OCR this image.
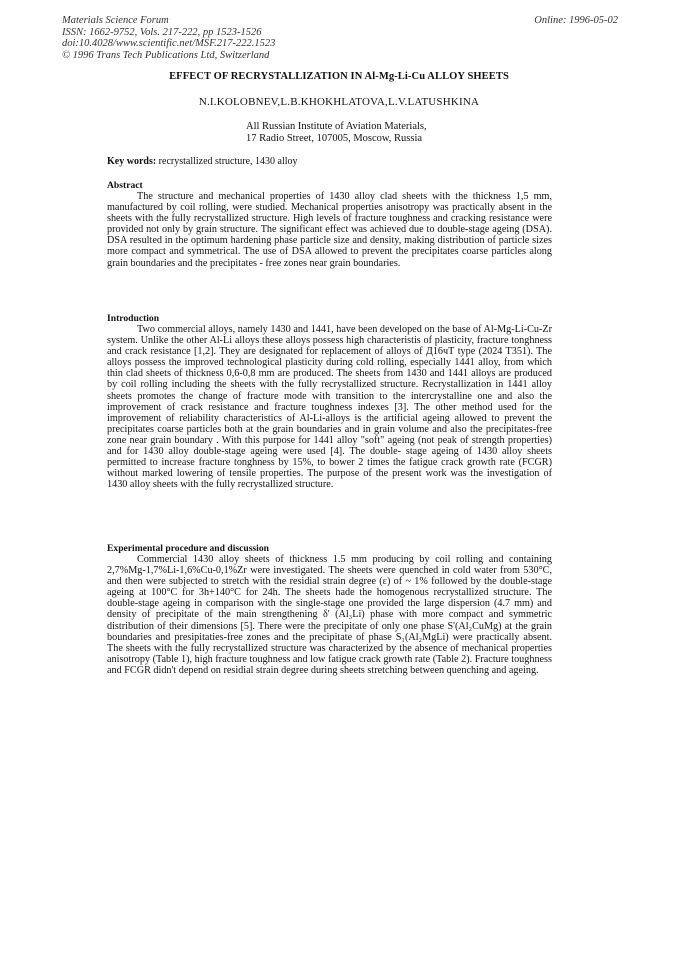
Materials Science Forum
ISSN: 1662-9752, Vols. 217-222, pp 1523-1526
doi:10.4028/www.scientific.net/MSF.217-222.1523
© 1996 Trans Tech Publications Ltd, Switzerland
Online: 1996-05-02
EFFECT OF RECRYSTALLIZATION IN Al-Mg-Li-Cu ALLOY SHEETS
N.I.KOLOBNEV,L.B.KHOKHLATOVA,L.V.LATUSHKINA
All Russian Institute of Aviation Materials,
17 Radio Street, 107005, Moscow, Russia
Key words: recrystallized structure, 1430 alloy
Abstract

The structure and mechanical properties of 1430 alloy clad sheets with the thickness 1,5 mm, manufactured by coil rolling, were studied. Mechanical properties anisotropy was practically absent in the sheets with the fully recrystallized structure. High levels of fracture toughness and cracking resistance were provided not only by grain structure. The significant effect was achieved due to double-stage ageing (DSA). DSA resulted in the optimum hardening phase particle size and density, making distribution of particle sizes more compact and symmetrical. The use of DSA allowed to prevent the precipitates coarse particles along grain boundaries and the precipitates - free zones near grain boundaries.

Introduction

Two commercial alloys, namely 1430 and 1441, have been developed on the base of Al-Mg-Li-Cu-Zr system. Unlike the other Al-Li alloys these alloys possess high characteristis of plasticity, fracture tonghness and crack resistance [1,2]. They are designated for replacement of alloys of Д16чТ type (2024 T351). The alloys possess the improved technological plasticity during cold rolling, especially 1441 alloy, from which thin clad sheets of thickness 0,6-0,8 mm are produced. The sheets from 1430 and 1441 alloys are produced by coil rolling including the sheets with the fully recrystallized structure. Recrystallization in 1441 alloy sheets promotes the change of fracture mode with transition to the intercrystalline one and also the improvement of crack resistance and fracture toughness indexes [3]. The other method used for the improvement of reliability characteristics of Al-Li-alloys is the artificial ageing allowed to prevent the precipitates coarse particles both at the grain boundaries and in grain volume and also the precipitates-free zone near grain boundary . With this purpose for 1441 alloy "soft" ageing (not peak of strength properties) and for 1430 alloy double-stage ageing were used [4]. The double- stage ageing of 1430 alloy sheets permitted to increase fracture tonghness by 15%, to bower 2 times the fatigue crack growth rate (FCGR) without marked lowering of tensile properties. The purpose of the present work was the investigation of 1430 alloy sheets with the fully recrystallized structure.

Experimental procedure and discussion

Commercial 1430 alloy sheets of thickness 1.5 mm producing by coil rolling and containing 2,7%Mg-1,7%Li-1,6%Cu-0,1%Zr were investigated. The sheets were quenched in cold water from 530°C, and then were subjected to stretch with the residial strain degree (ε) of ~ 1% followed by the double-stage ageing at 100°C for 3h+140°C for 24h. The sheets hade the homogenous recrystallized structure. The double-stage ageing in comparison with the single-stage one provided the large dispersion (4.7 mm) and density of precipitate of the main strengthening δ' (Al₃Li) phase with more compact and symmetric distribution of their dimensions [5]. There were the precipitate of only one phase S'(Al₂CuMg) at the grain boundaries and presipitaties-free zones and the precipitate of phase S₁(Al₂MgLi) were practically absent. The sheets with the fully recrystallized structure was characterized by the absence of mechanical properties anisotropy (Table 1), high fracture toughness and low fatigue crack growth rate (Table 2). Fracture toughness and FCGR didn't depend on residial strain degree during sheets stretching between quenching and ageing.
